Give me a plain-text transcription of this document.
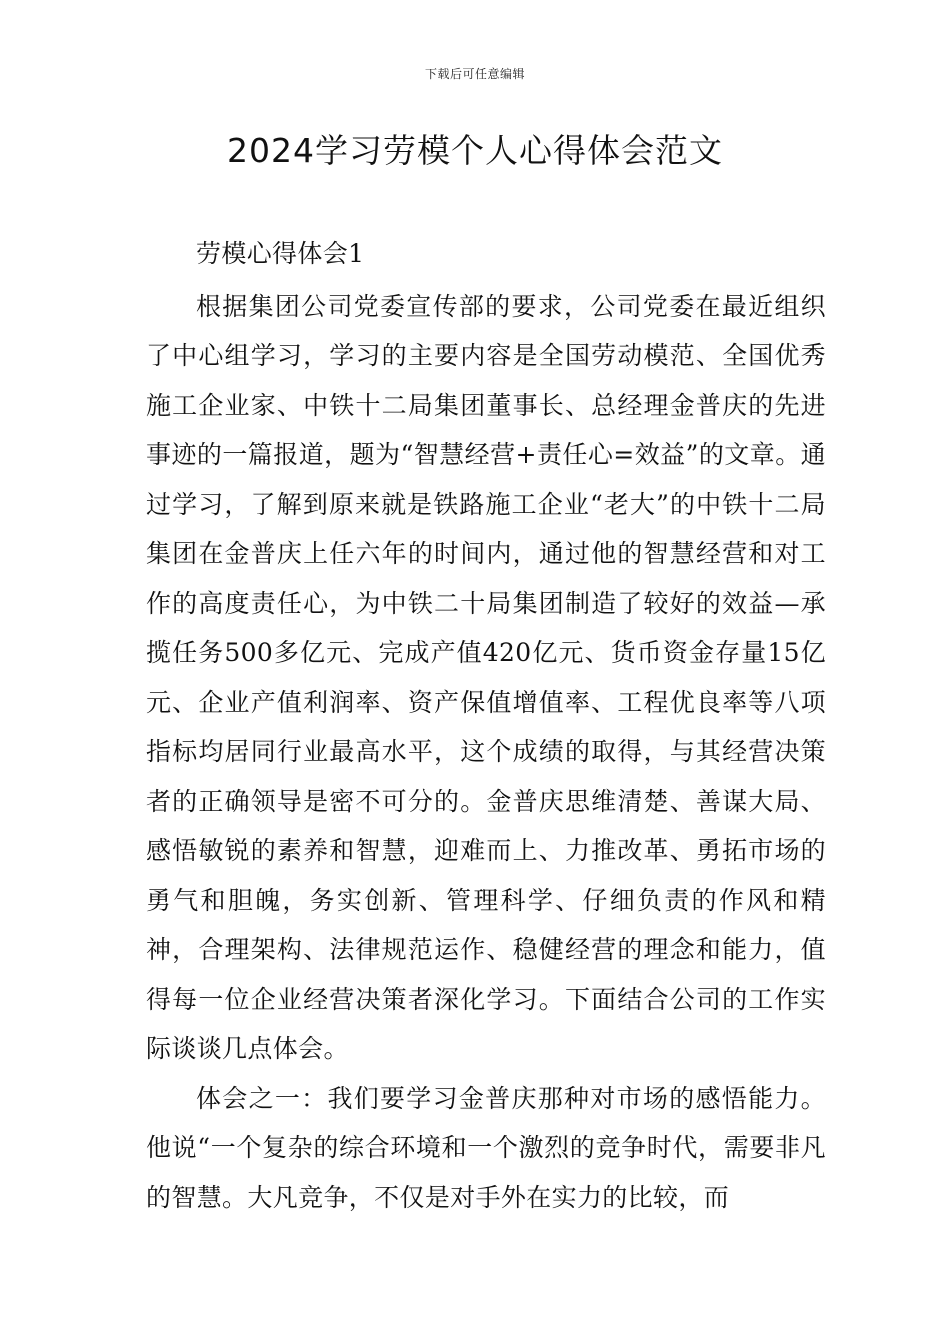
下载后可任意编辑
2024学习劳模个人心得体会范文

劳模心得体会1

根据集团公司党委宣传部的要求，公司党委在最近组织了中心组学习，学习的主要内容是全国劳动模范、全国优秀施工企业家、中铁十二局集团董事长、总经理金普庆的先进事迹的一篇报道，题为“智慧经营+责任心=效益”的文章。通过学习，了解到原来就是铁路施工企业“老大”的中铁十二局集团在金普庆上任六年的时间内，通过他的智慧经营和对工作的高度责任心，为中铁二十局集团制造了较好的效益—承揽任务500多亿元、完成产值420亿元、货币资金存量15亿元、企业产值利润率、资产保值增值率、工程优良率等八项指标均居同行业最高水平，这个成绩的取得，与其经营决策者的正确领导是密不可分的。金普庆思维清楚、善谋大局、感悟敏锐的素养和智慧，迎难而上、力推改革、勇拓市场的勇气和胆魄，务实创新、管理科学、仔细负责的作风和精神，合理架构、法律规范运作、稳健经营的理念和能力，值得每一位企业经营决策者深化学习。下面结合公司的工作实际谈谈几点体会。

体会之一：我们要学习金普庆那种对市场的感悟能力。他说“一个复杂的综合环境和一个激烈的竞争时代，需要非凡的智慧。大凡竞争，不仅是对手外在实力的比较，而
